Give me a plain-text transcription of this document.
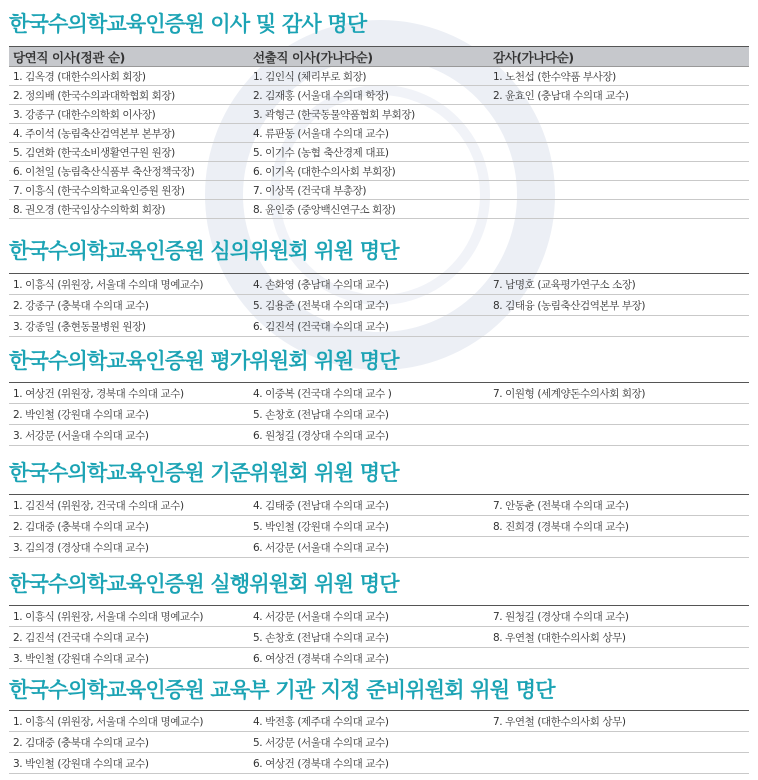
한국수의학교육인증원 이사 및 감사 명단
당연직 이사(정관 순)	선출직 이사(가나다순)	감사(가나다순)
1. 김옥경 (대한수의사회 회장)	1. 김인식 (체리부로 회장)	1. 노천섭 (한수약품 부사장)
2. 정의배 (한국수의과대학협회 회장)	2. 김재홍 (서울대 수의대 학장)	2. 윤효인 (충남대 수의대 교수)
3. 강종구 (대한수의학회 이사장)	3. 곽형근 (한국동물약품협회 부회장)	
4. 주이석 (농림축산검역본부 본부장)	4. 류판동 (서울대 수의대 교수)	
5. 김연화 (한국소비생활연구원 원장)	5. 이기수 (농협 축산경제 대표)	
6. 이천일 (농림축산식품부 축산정책국장)	6. 이기옥 (대한수의사회 부회장)	
7. 이흥식 (한국수의학교육인증원 원장)	7. 이상목 (건국대 부총장)	
8. 권오경 (한국임상수의학회 회장)	8. 윤인중 (중앙백신연구소 회장)	
한국수의학교육인증원 심의위원회 위원 명단
1. 이흥식 (위원장, 서울대 수의대 명예교수)	4. 손화영 (충남대 수의대 교수)	7. 남명호 (교육평가연구소 소장)
2. 강종구 (충북대 수의대 교수)	5. 김용준 (전북대 수의대 교수)	8. 김태융 (농림축산검역본부 부장)
3. 강종일 (충현동물병원 원장)	6. 김진석 (건국대 수의대 교수)	
한국수의학교육인증원 평가위원회 위원 명단
1. 여상건 (위원장, 경북대 수의대 교수)	4. 이중복 (건국대 수의대 교수 )	7. 이원형 (세계양돈수의사회 회장)
2. 박인철 (강원대 수의대 교수)	5. 손창호 (전남대 수의대 교수)	
3. 서강문 (서울대 수의대 교수)	6. 원청길 (경상대 수의대 교수)	
한국수의학교육인증원 기준위원회 위원 명단
1. 김진석 (위원장, 건국대 수의대 교수)	4. 김태중 (전남대 수의대 교수)	7. 안동춘 (전북대 수의대 교수)
2. 김대중 (충북대 수의대 교수)	5. 박인철 (강원대 수의대 교수)	8. 진희경 (경북대 수의대 교수)
3. 김의경 (경상대 수의대 교수)	6. 서강문 (서울대 수의대 교수)	
한국수의학교육인증원 실행위원회 위원 명단
1. 이흥식 (위원장, 서울대 수의대 명예교수)	4. 서강문 (서울대 수의대 교수)	7. 원청길 (경상대 수의대 교수)
2. 김진석 (건국대 수의대 교수)	5. 손창호 (전남대 수의대 교수)	8. 우연철 (대한수의사회 상무)
3. 박인철 (강원대 수의대 교수)	6. 여상건 (경북대 수의대 교수)	
한국수의학교육인증원 교육부 기관 지정 준비위원회 위원 명단
1. 이흥식 (위원장, 서울대 수의대 명예교수)	4. 박전홍 (제주대 수의대 교수)	7. 우연철 (대한수의사회 상무)
2. 김대중 (충북대 수의대 교수)	5. 서강문 (서울대 수의대 교수)	
3. 박인철 (강원대 수의대 교수)	6. 여상건 (경북대 수의대 교수)	
